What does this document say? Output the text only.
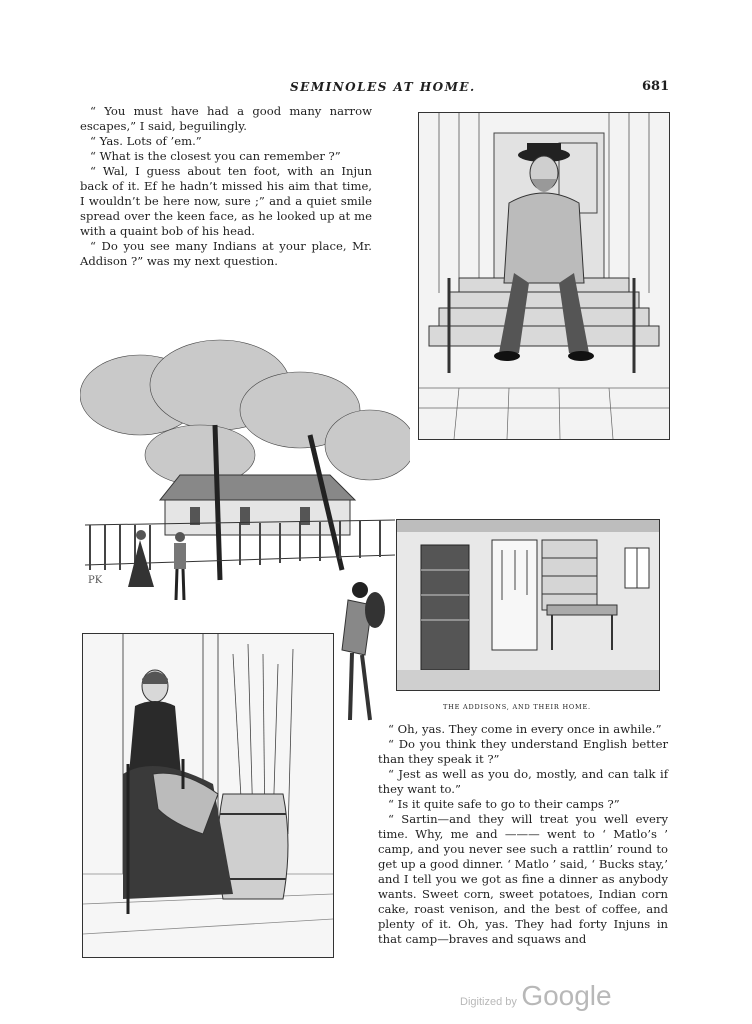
SEMINOLES AT HOME.	681

“ You must have had a good many narrow escapes,” I said, beguilingly.

“ Yas. Lots of ’em.”

“ What is the closest you can remember ?”

“ Wal, I guess about ten foot, with an Injun back of it. Ef he hadn’t missed his aim that time, I wouldn’t be here now, sure ;” and a quiet smile spread over the keen face, as he looked up at me with a quaint bob of his head.

“ Do you see many Indians at your place, Mr. Addison ?” was my next question.

PK
THE ADDISONS, AND THEIR HOME.

“ Oh, yas. They come in every once in awhile.”

“ Do you think they understand English better than they speak it ?”

“ Jest as well as you do, mostly, and can talk if they want to.”

“ Is it quite safe to go to their camps ?”

“ Sartin—and they will treat you well every time. Why, me and ——— went to ‘ Matlo’s ’ camp, and you never see such a rattlin’ round to get up a good dinner. ‘ Matlo ’ said, ‘ Bucks stay,’ and I tell you we got as fine a dinner as anybody wants. Sweet corn, sweet potatoes, Indian corn cake, roast venison, and the best of coffee, and plenty of it. Oh, yas. They had forty Injuns in that camp—braves and squaws and

Digitized by Google
